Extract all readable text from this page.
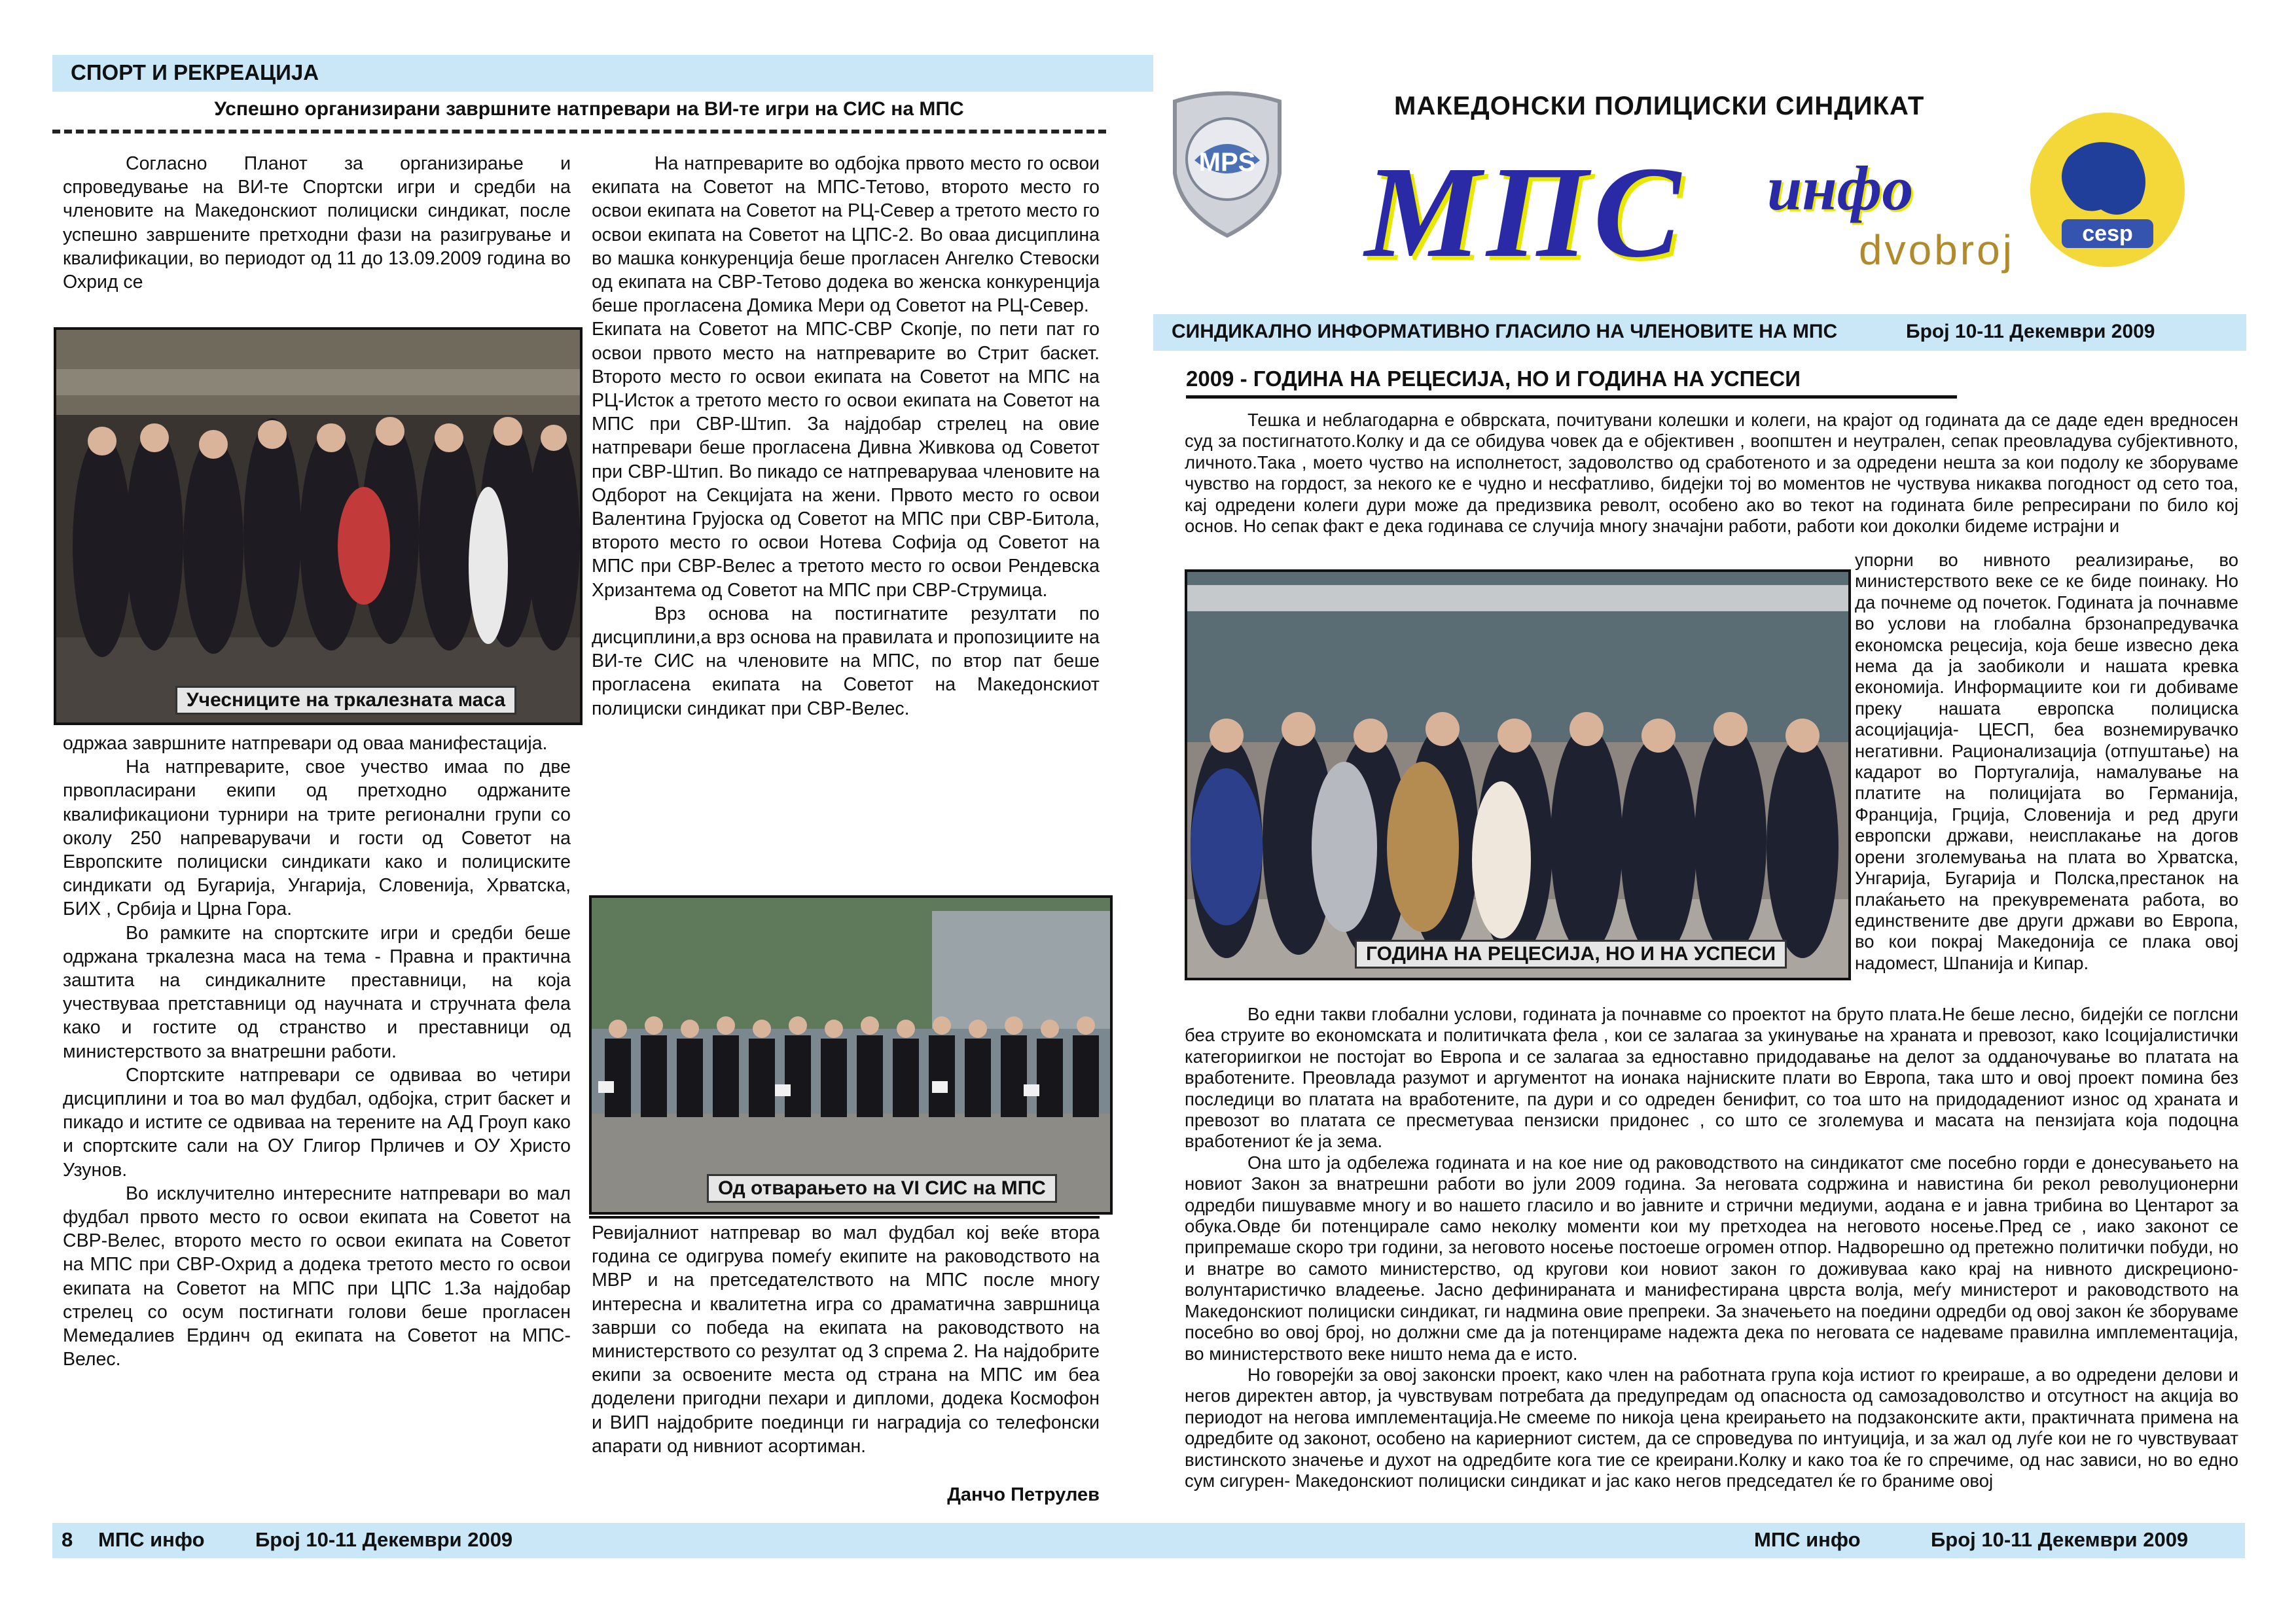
СПОРТ И РЕКРЕАЦИЈА
Успешно организирани завршните натпревари на ВИ-те игри на СИС на МПС

Согласно Планот за организирање и спроведување на ВИ-те Спортски игри и средби на членовите на Македонскиот полициски синдикат, после успешно завршените претходни фази на разигрување и квалификации, во периодот од 11 до 13.09.2009 година во Охрид се

Учесниците на тркалезната маса

одржаа завршните натпревари од оваа манифестација.

На натпреварите, свое учество имаа по две првопласирани екипи од претходно одржаните квалификациони турнири на трите регионални групи со околу 250 напреварувачи и гости од Советот на Европските полициски синдикати како и полициските синдикати од Бугарија, Унгарија, Словенија, Хрватска, БИХ , Србија и Црна Гора.

Во рамките на спортските игри и средби беше одржана тркалезна маса на тема - Правна и практична заштита на синдикалните преставници, на која учествуваа претставници од научната и стручната фела како и гостите од странство и преставници од министерството за внатрешни работи.

Спортските натпревари се одвиваа во четири дисциплини и тоа во мал фудбал, одбојка, стрит баскет и пикадо и истите се одвиваа на терените на АД Гроуп како и спортските сали на ОУ Глигор Прличев и ОУ Христо Узунов.

Во исклучително интересните натпревари во мал фудбал првото место го освои екипата на Советот на СВР-Велес, второто место го освои екипата на Советот на МПС при СВР-Охрид а додека третото место го освои екипата на Советот на МПС при ЦПС 1.За најдобар стрелец со осум постигнати голови беше прогласен Мемедалиев Ердинч од екипата на Советот на МПС-Велес.

На натпреварите во одбојка првото место го освои екипата на Советот на МПС-Тетово, второто место го освои екипата на Советот на РЦ-Север а третото место го освои екипата на Советот на ЦПС-2. Во оваа дисциплина во машка конкуренција беше прогласен Ангелко Стевоски од екипата на СВР-Тетово додека во женска конкуренција беше прогласена Домика Мери од Советот на РЦ-Север.

Екипата на Советот на МПС-СВР Скопје, по пети пат го освои првото место на натпреварите во Стрит баскет. Второто место го освои екипата на Советот на МПС на РЦ-Исток а третото место го освои екипата на Советот на МПС при СВР-Штип. За најдобар стрелец на овие натпревари беше прогласена Дивна Живкова од Советот при СВР-Штип. Во пикадо се натпреваруваа членовите на Одборот на Секцијата на жени. Првото место го освои Валентина Грујоска од Советот на МПС при СВР-Битола, второто место го освои Нотева Софија од Советот на МПС при СВР-Велес а третото место го освои Рендевска Хризантема од Советот на МПС при СВР-Струмица.

Врз основа на постигнатите резултати по дисциплини,а врз основа на правилата и пропозициите на ВИ-те СИС на членовите на МПС, по втор пат беше прогласена екипата на Советот на Македонскиот полициски синдикат при СВР-Велес.

Од отварањето на VI СИС на МПС

Ревијалниот натпревар во мал фудбал кој веќе втора година се одигрува помеѓу екипите на раководството на МВР и на претседателството на МПС после многу интересна и квалитетна игра со драматична завршница заврши со победа на екипата на раководството на министерството со резултат од 3 спрема 2. На најдобрите екипи за освоените места од страна на МПС им беа доделени пригодни пехари и дипломи, додека Космофон и ВИП најдобрите поединци ги наградија со телефонски апарати од нивниот асортиман.

Данчо Петрулев
MPS
МАКЕДОНСКИ ПОЛИЦИСКИ СИНДИКАТ
МПС инфо
dvobroj	cesp
СИНДИКАЛНО ИНФОРМАТИВНО ГЛАСИЛО НА ЧЛЕНОВИТЕ НА МПС	Број 10-11 Декември 2009
2009 - ГОДИНА НА РЕЦЕСИЈА, НО И ГОДИНА НА УСПЕСИ

Тешка и неблагодарна е обврската, почитувани колешки и колеги, на крајот од годината да се даде еден вредносен суд за постигнатото.Колку и да се обидува човек да е објективен , воопштен и неутрален, сепак преовладува субјективното, личното.Така , моето чуство на исполнетост, задоволство од сработеното и за одредени нешта за кои подолу ке зборуваме чувство на гордост, за некого ке е чудно и несфатливо, бидејки тој во моментов не чуствува никаква погодност од сето тоа, кај одредени колеги дури може да предизвика револт, особено ако во текот на годината биле репресирани по било кој основ. Но сепак факт е дека годинава се случија многу значајни работи, работи кои доколки бидеме истрајни и

ГОДИНА НА РЕЦЕСИЈА, НО И НА УСПЕСИ

упорни во нивното реализирање, во министерството веке се ке биде поинаку. Но да почнеме од почеток. Годината ја почнавме во услови на глобална брзонапредувачка економска рецесија, која беше извесно дека нема да ја заобиколи и нашата кревка економија. Информациите кои ги добиваме преку нашата европска полициска асоцијација- ЦЕСП, беа вознемирувачко негативни. Рационализација (отпуштање) на кадарот во Португалија, намалување на платите на полицијата во Германија, Франција, Грција, Словенија и ред други европски држави, неисплакање на догов орени зголемувања на плата во Хрватска, Унгарија, Бугарија и Полска,престанок на плаќањето на прекувремената работа, во единствените две други држави во Европа, во кои покрај Македонија се плака овој надомест, Шпанија и Кипар.

Во едни такви глобални услови, годината ја почнавме со проектот на бруто плата.Не беше лесно, бидејќи се поглсни беа струите во економската и политичката фела , кои се залагаа за укинување на храната и превозот, како Ісоцијалистички категориигкои не постојат во Европа и се залагаа за едноставно придодавање на делот за одданочување во платата на вработените. Преовлада разумот и аргументот на ионака најниските плати во Европа, така што и овој проект помина без последици во платата на вработените, па дури и со одреден бенифит, со тоа што на придодадениот износ од храната и превозот во платата се пресметуваа пензиски придонес , со што се зголемува и масата на пензијата која подоцна вработениот ќе ја зема.

Она што ја одбележа годината и на кое ние од раководството на синдикатот сме посебно горди е донесувањето на новиот Закон за внатрешни работи во јули 2009 година. За неговата содржина и навистина би рекол револуционерни одредби пишувавме многу и во нашето гласило и во јавните и стрични медиуми, аодана е и јавна трибина во Центарот за обука.Овде би потенцирале само неколку моменти кои му претходеа на неговото носење.Пред се , иако законот се припремаше скоро три години, за неговото носење постоеше огромен отпор. Надворешно од претежно политички побуди, но и внатре во самото министерство, од кругови кои новиот закон го доживуваа како крај на нивното дискреционо- волунтаристичко владеење. Јасно дефинираната и манифестирана цврста волја, меѓу министерот и раководството на Македонскиот полициски синдикат, ги надмина овие препреки. За значењето на поедини одредби од овој закон ќе зборуваме посебно во овој број, но должни сме да ја потенцираме надежта дека по неговата се надеваме правилна имплементација, во министерството веке ништо нема да е исто.

Но говорејќи за овој законски проект, како член на работната група која истиот го креираше, а во одредени делови и негов директен автор, ја чувствувам потребата да предупредам од опасноста од самозадоволство и отсутност на акција во периодот на негова имплементација.Не смееме по никоја цена креирањето на подзаконските акти, практичната примена на одредбите од законот, особено на кариерниот систем, да се спроведува по интуиција, и за жал од луѓе кои не го чувствуваат вистинското значење и духот на одредбите кога тие се креирани.Колку и како тоа ќе го спречиме, од нас зависи, но во едно сум сигурен- Македонскиот полициски синдикат и јас како негов председател ќе го браниме овој

8 МПС инфо Број 10-11 Декември 2009	МПС инфо	Број 10-11 Декември 2009
